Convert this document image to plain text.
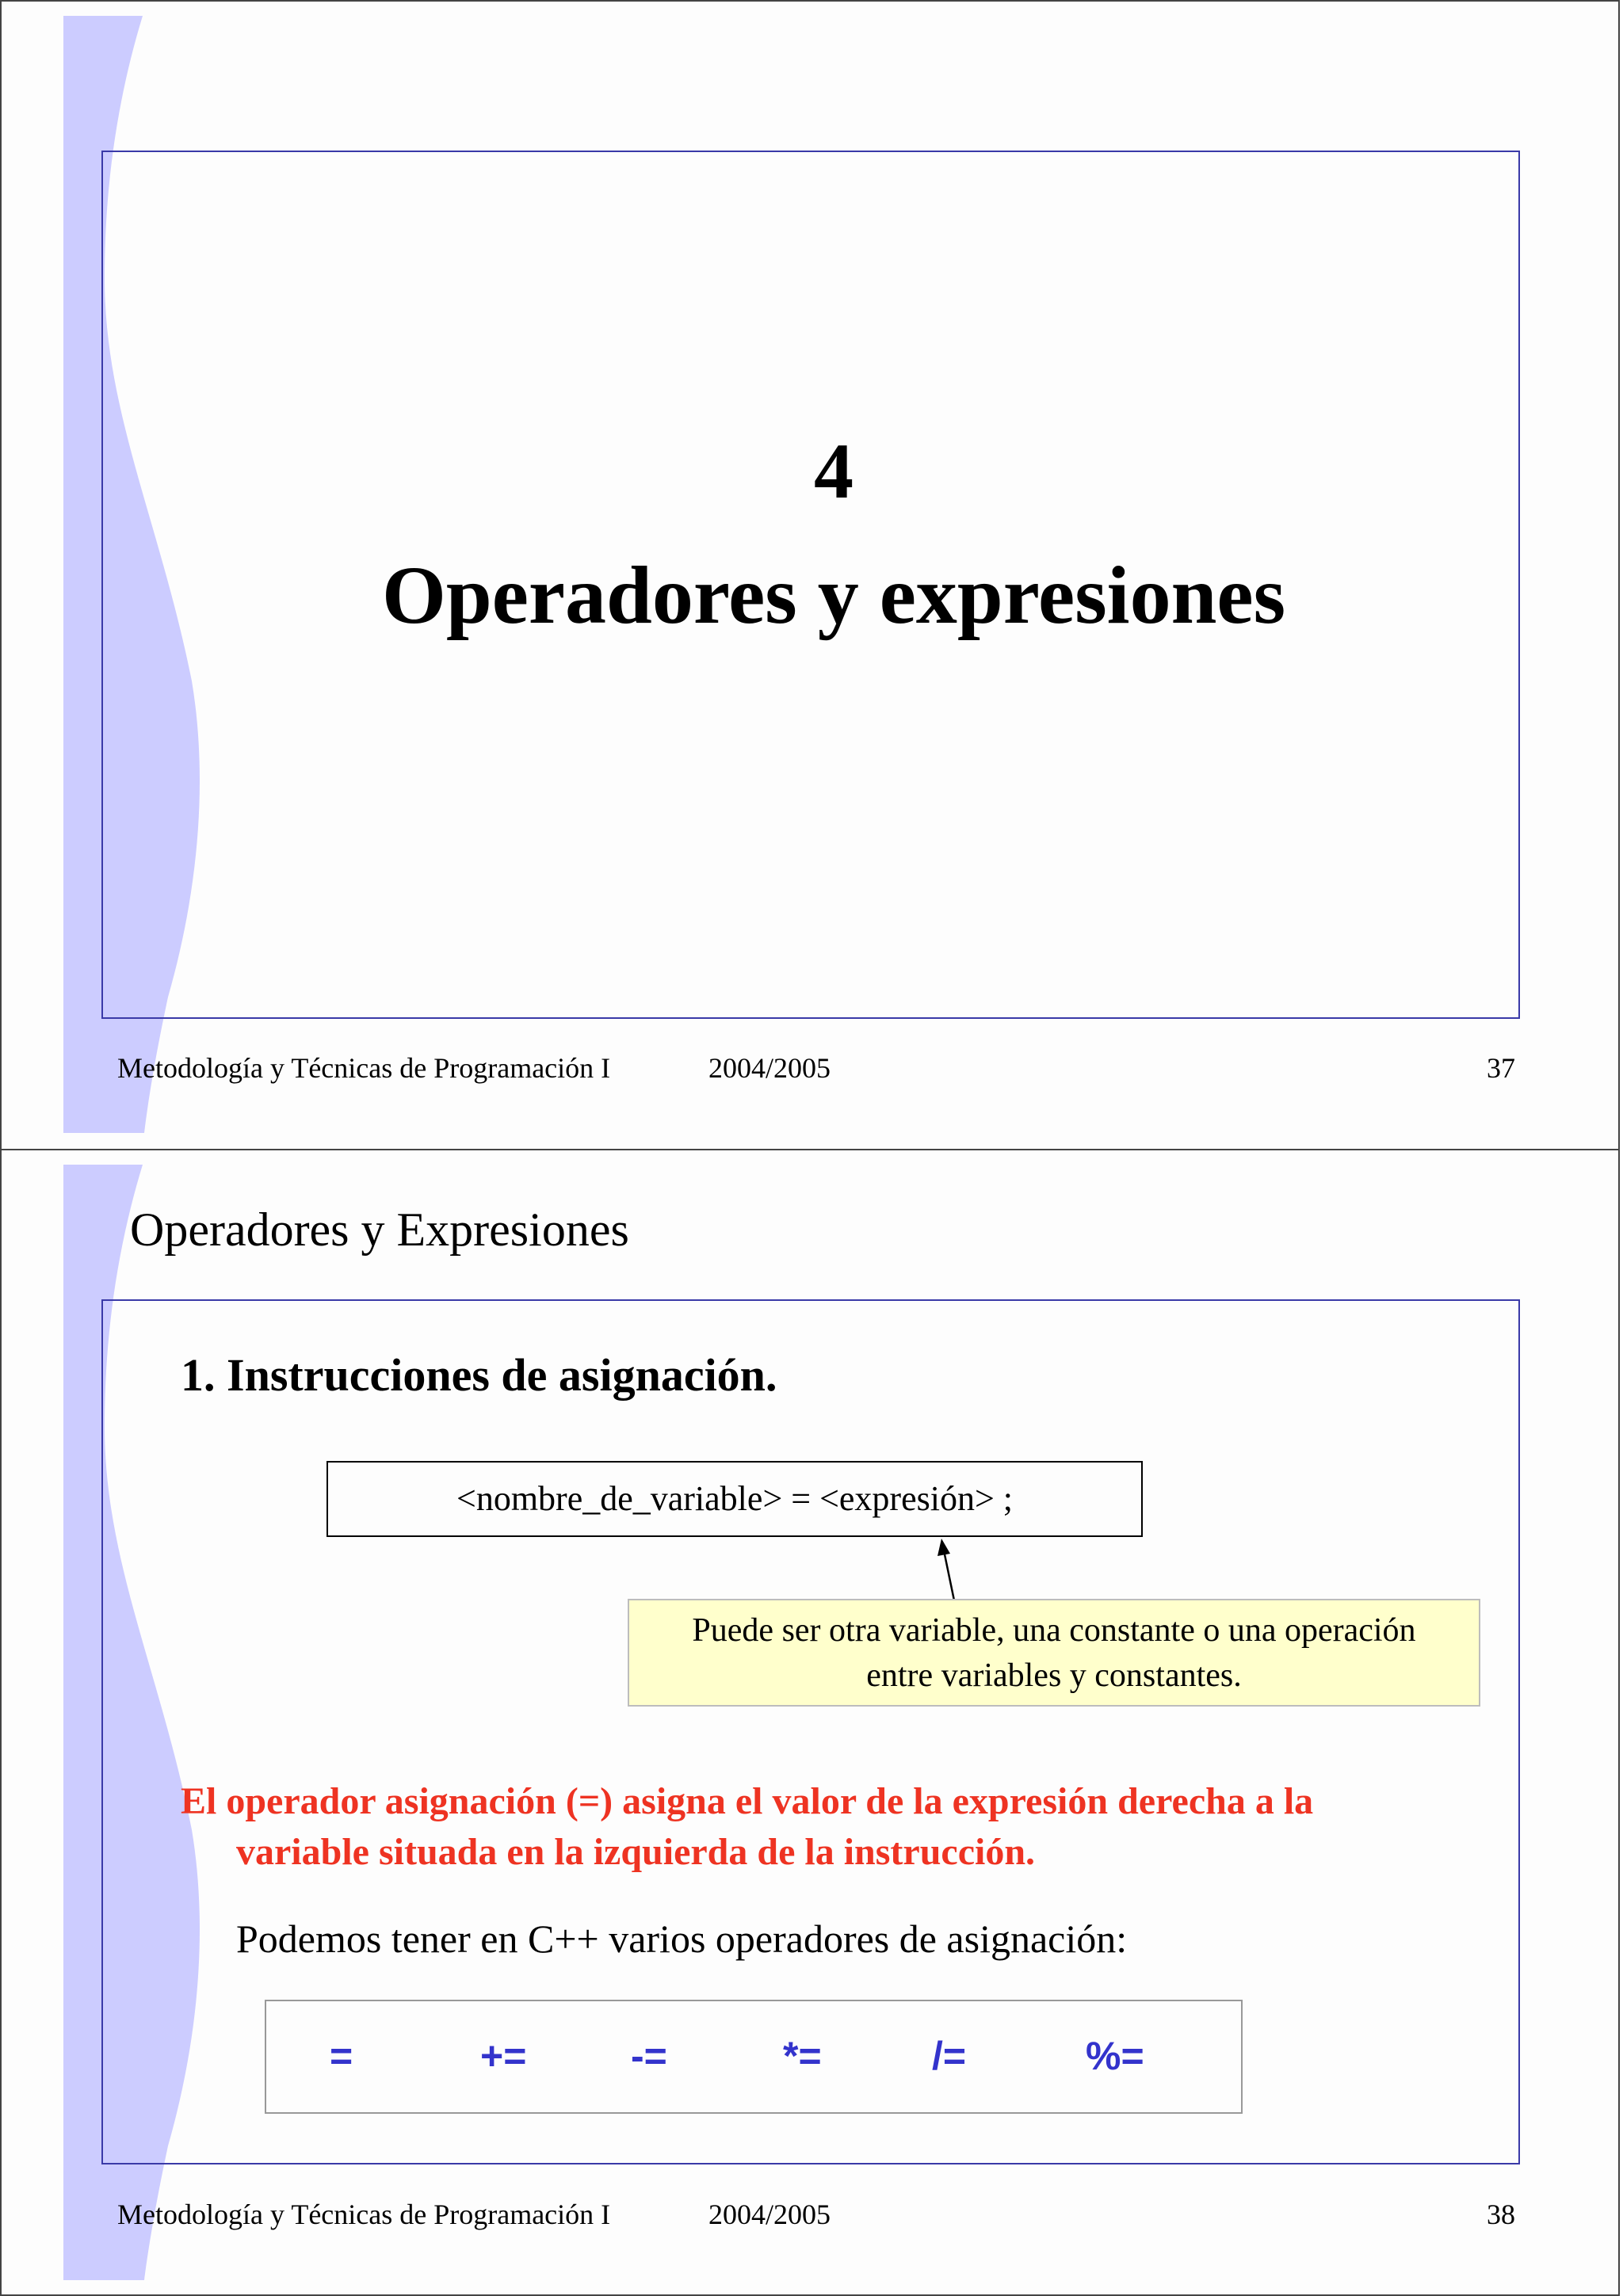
4
Operadores y expresiones
Metodología y Técnicas de Programación I	2004/2005	37
Operadores y Expresiones
1. Instrucciones de asignación.
<nombre_de_variable> = <expresión> ;
Puede ser otra variable, una constante o una operación
entre variables y constantes.
El operador asignación (=) asigna el valor de la expresión derecha a la
variable situada en la izquierda de la instrucción.
Podemos tener en C++ varios operadores de asignación:
=	+=	-=	*=	/=	%=
Metodología y Técnicas de Programación I	2004/2005	38
